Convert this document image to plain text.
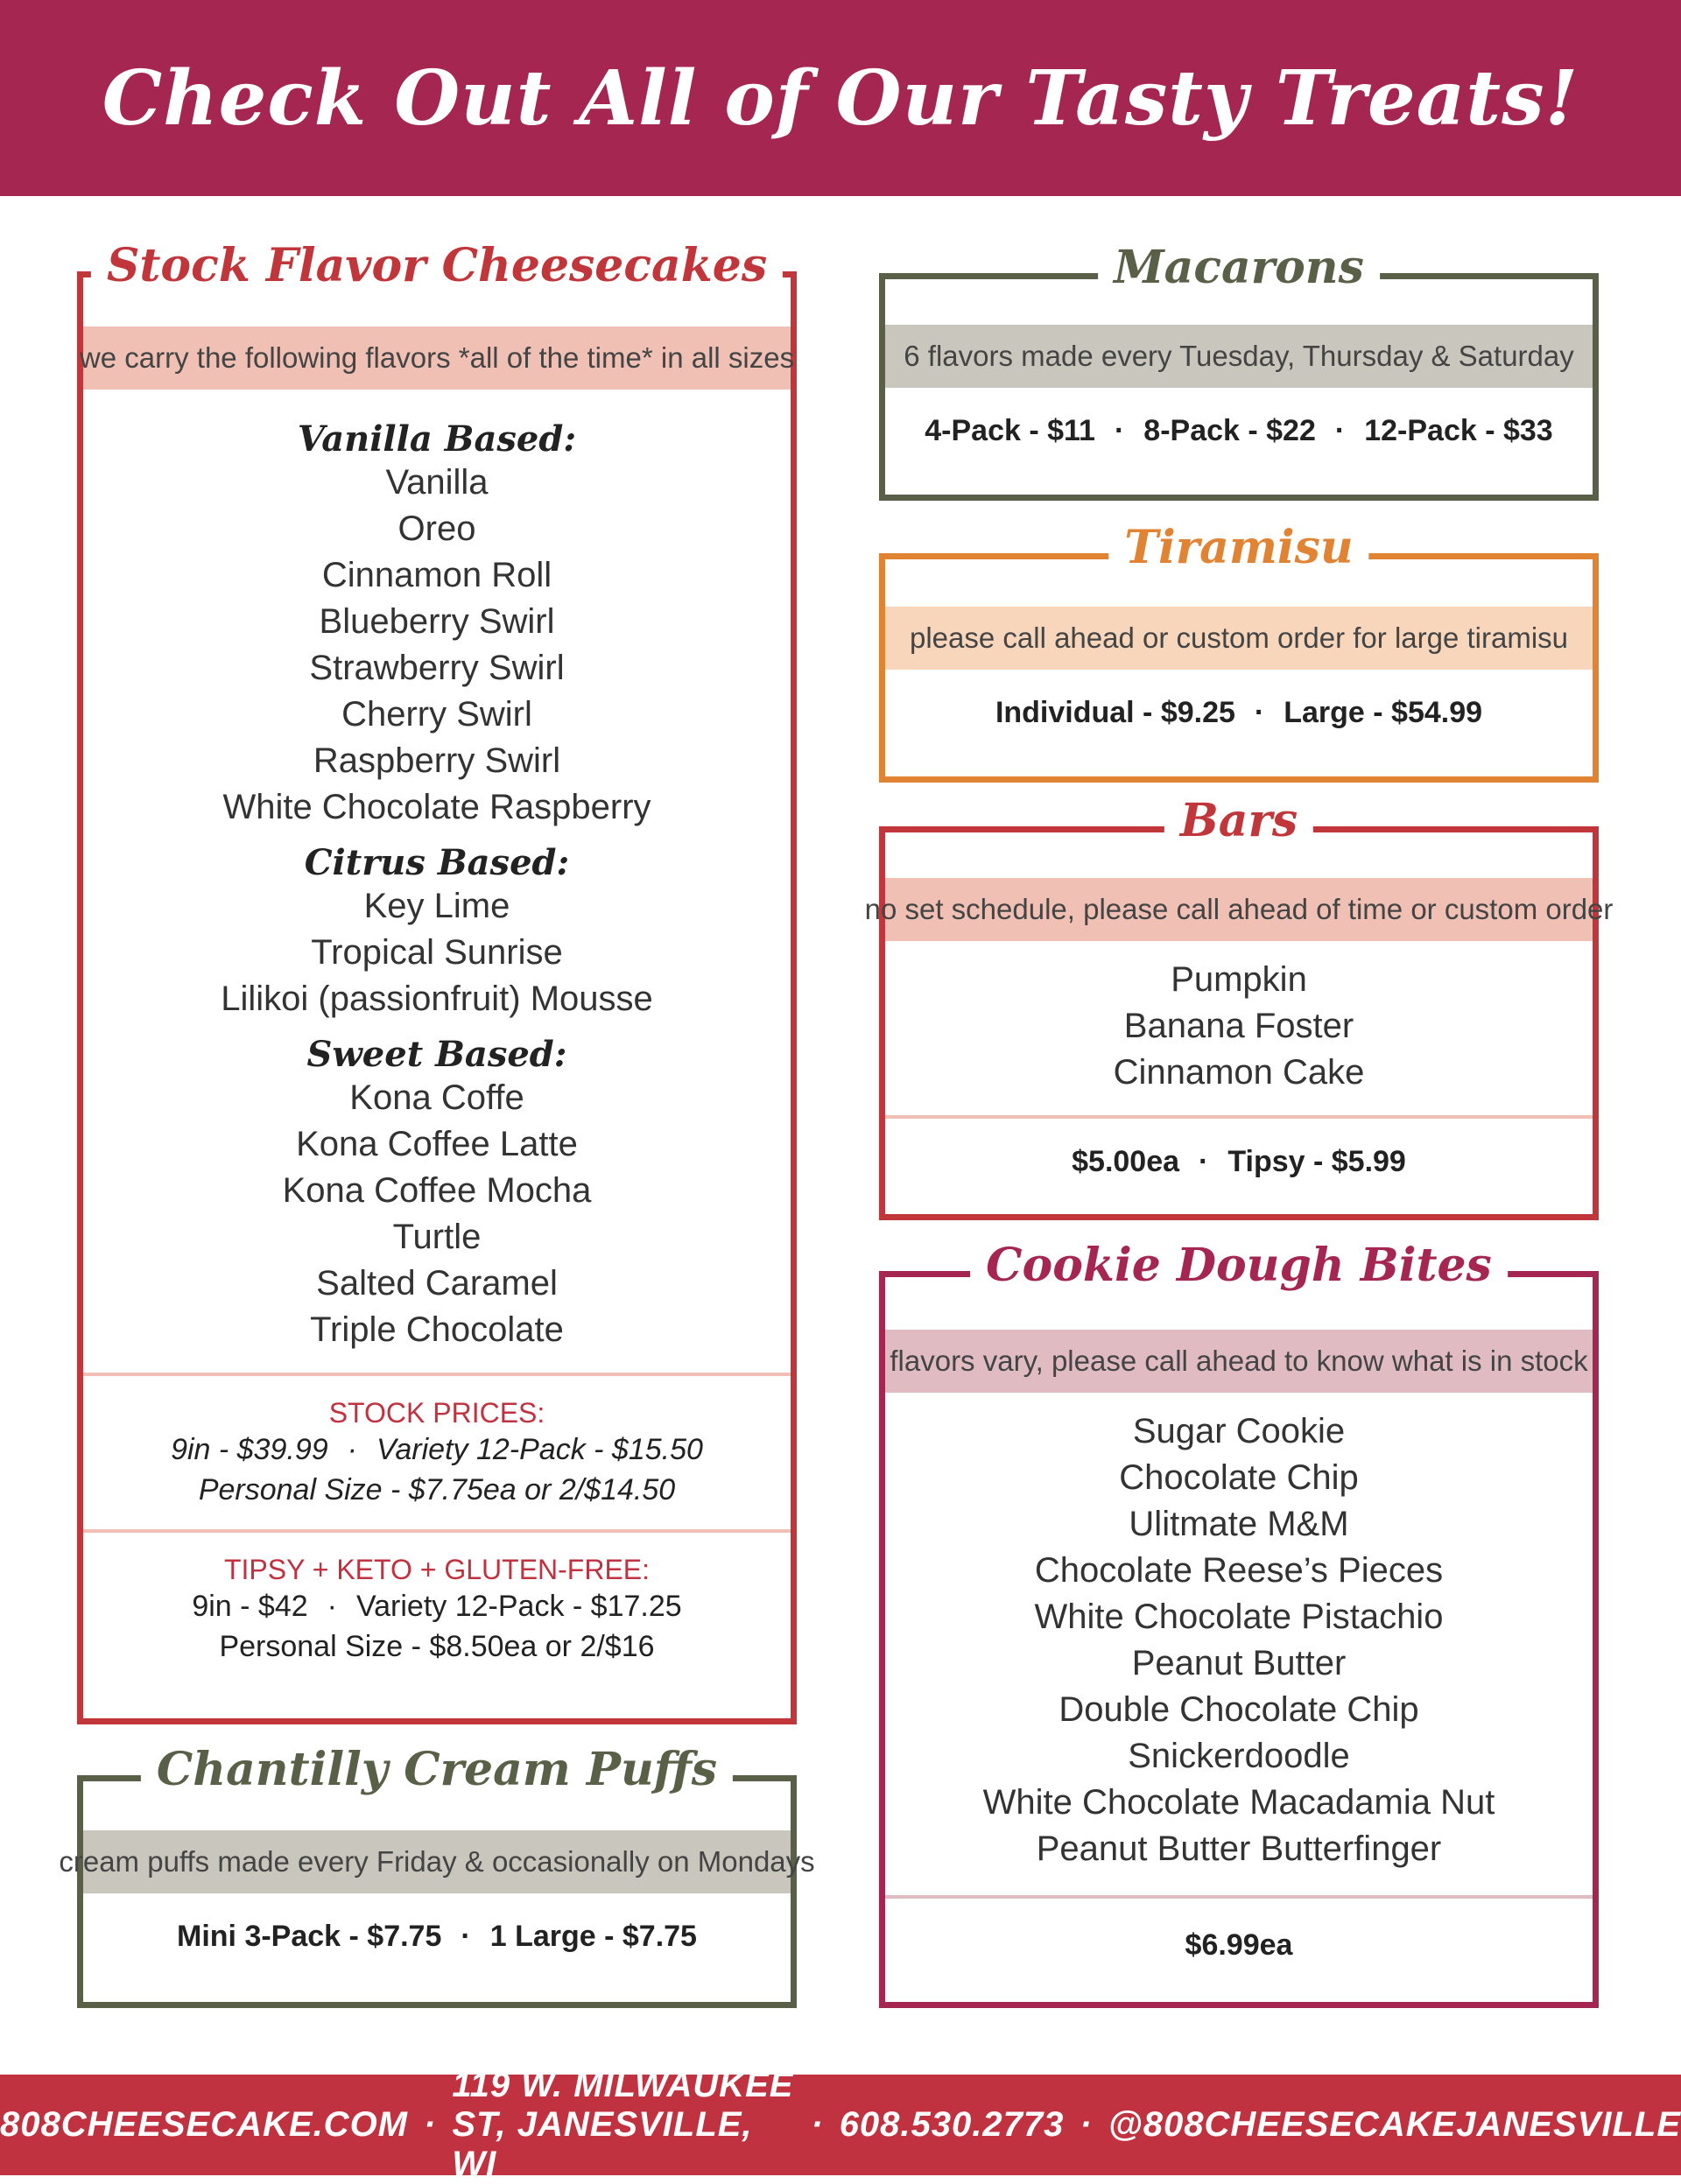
Check Out All of Our Tasty Treats!
Stock Flavor Cheesecakes
we carry the following flavors *all of the time* in all sizes
Vanilla Based:
Vanilla
Oreo
Cinnamon Roll
Blueberry Swirl
Strawberry Swirl
Cherry Swirl
Raspberry Swirl
White Chocolate Raspberry
Citrus Based:
Key Lime
Tropical Sunrise
Lilikoi (passionfruit) Mousse
Sweet Based:
Kona Coffe
Kona Coffee Latte
Kona Coffee Mocha
Turtle
Salted Caramel
Triple Chocolate
STOCK PRICES:
9in - $39.99 · Variety 12-Pack - $15.50
Personal Size - $7.75ea or 2/$14.50
TIPSY + KETO + GLUTEN-FREE:
9in - $42 · Variety 12-Pack - $17.25
Personal Size - $8.50ea or 2/$16
Chantilly Cream Puffs
cream puffs made every Friday & occasionally on Mondays
Mini 3-Pack - $7.75 · 1 Large - $7.75
Macarons
6 flavors made every Tuesday, Thursday & Saturday
4-Pack - $11 · 8-Pack - $22 · 12-Pack - $33
Tiramisu
please call ahead or custom order for large tiramisu
Individual - $9.25 · Large - $54.99
Bars
no set schedule, please call ahead of time or custom order
Pumpkin
Banana Foster
Cinnamon Cake
$5.00ea · Tipsy - $5.99
Cookie Dough Bites
flavors vary, please call ahead to know what is in stock
Sugar Cookie
Chocolate Chip
Ulitmate M&M
Chocolate Reese’s Pieces
White Chocolate Pistachio
Peanut Butter
Double Chocolate Chip
Snickerdoodle
White Chocolate Macadamia Nut
Peanut Butter Butterfinger
$6.99ea
808CHEESECAKE.COM ·
119 W. MILWAUKEE ST, JANESVILLE, WI
· 608.530.2773 · @808CHEESECAKEJANESVILLE
